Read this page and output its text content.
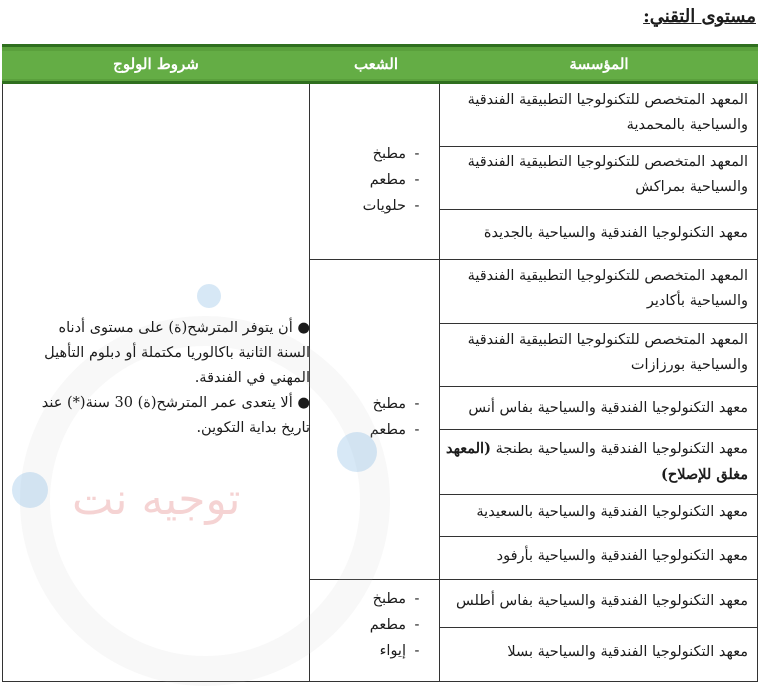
مستوى التقني:
المؤسسة
الشعب
شروط الولوج
المعهد المتخصص للتكنولوجيا التطبيقية الفندقية والسياحية بالمحمدية
المعهد المتخصص للتكنولوجيا التطبيقية الفندقية والسياحية بمراكش
معهد التكنولوجيا الفندقية والسياحية بالجديدة
-
مطبخ
-
مطعم
-
حلويات
المعهد المتخصص للتكنولوجيا التطبيقية الفندقية والسياحية بأكادير
المعهد المتخصص للتكنولوجيا التطبيقية الفندقية والسياحية بورزازات
معهد التكنولوجيا الفندقية والسياحية بفاس أنس
معهد التكنولوجيا الفندقية والسياحية بطنجة (المعهد مغلق للإصلاح)
معهد التكنولوجيا الفندقية والسياحية بالسعيدية
معهد التكنولوجيا الفندقية والسياحية بأرفود
-
مطبخ
-
مطعم
معهد التكنولوجيا الفندقية والسياحية بفاس أطلس
معهد التكنولوجيا الفندقية والسياحية بسلا
-
مطبخ
-
مطعم
-
إيواء
توجيه نت
● أن يتوفر المترشح(ة) على مستوى أدناه السنة الثانية باكالوريا مكتملة أو دبلوم التأهيل المهني في الفندقة.
● ألا يتعدى عمر المترشح(ة) 30 سنة(*) عند تاريخ بداية التكوين.
